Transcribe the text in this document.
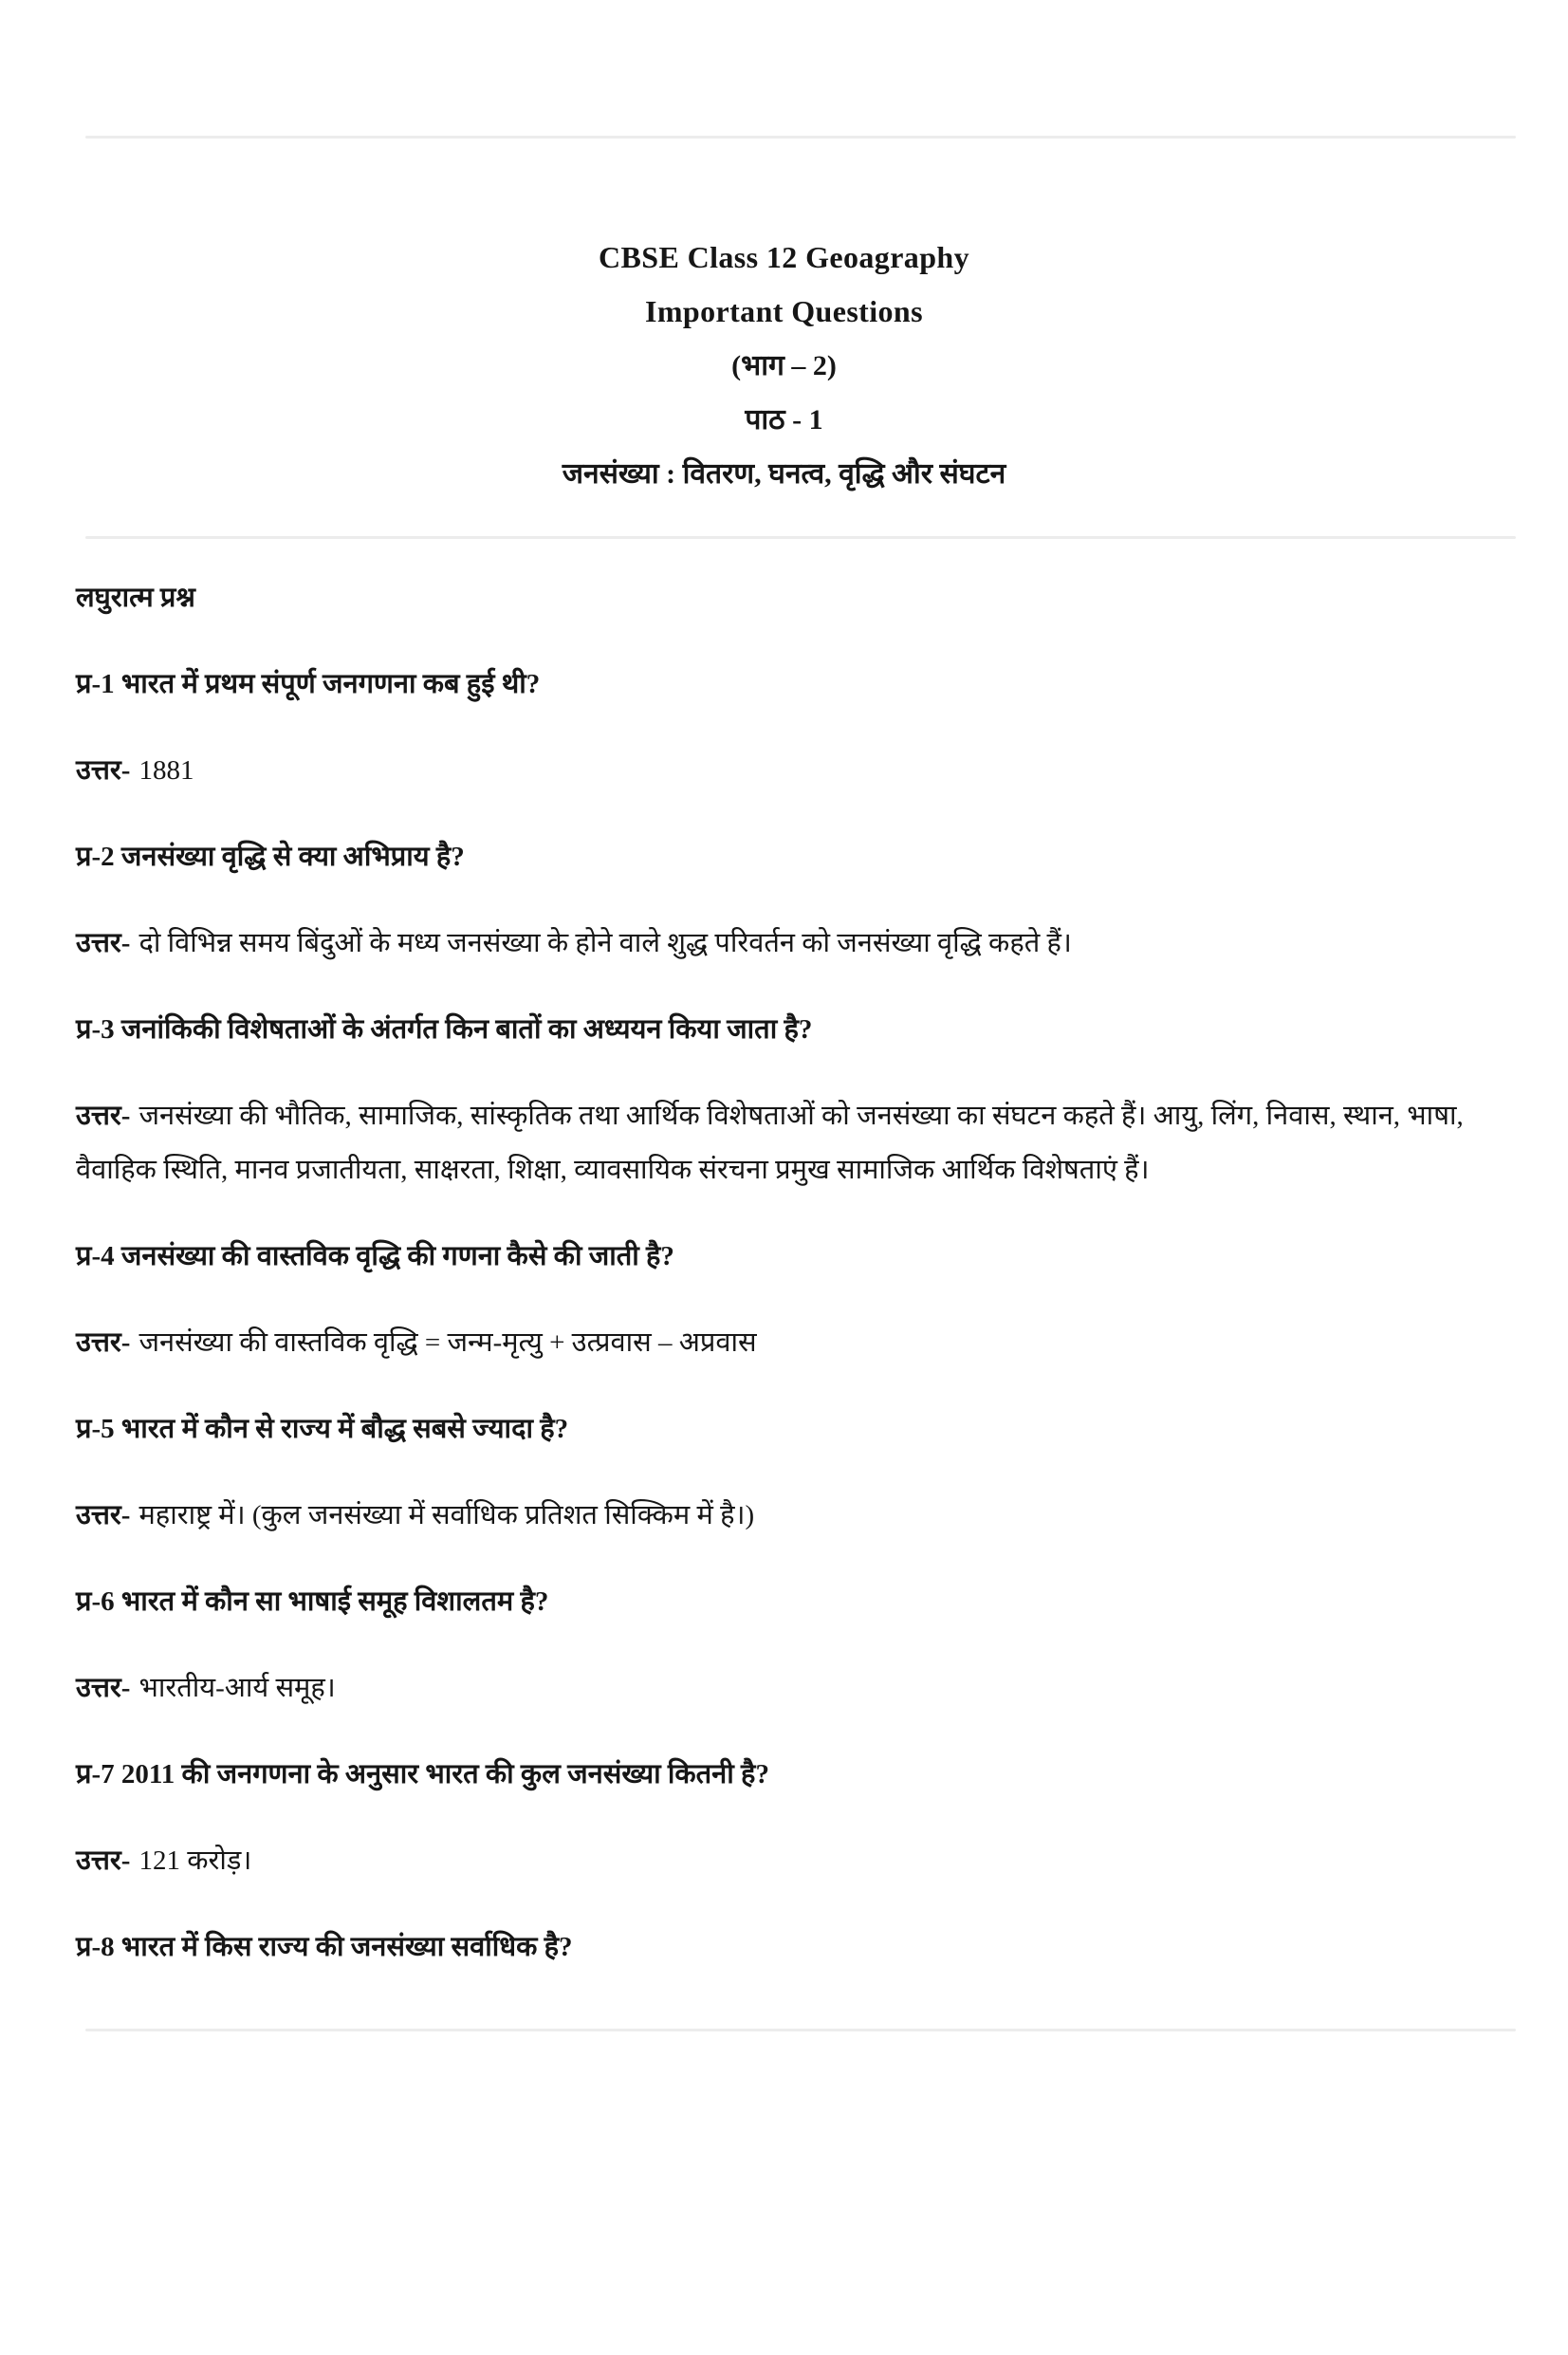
CBSE Class 12 Geoagraphy
Important Questions
(भाग – 2)
पाठ - 1
जनसंख्या : वितरण, घनत्व, वृद्धि और संघटन

लघुरात्म प्रश्न

प्र-1 भारत में प्रथम संपूर्ण जनगणना कब हुई थी?

उत्तर- 1881

प्र-2 जनसंख्या वृद्धि से क्या अभिप्राय है?

उत्तर- दो विभिन्न समय बिंदुओं के मध्य जनसंख्या के होने वाले शुद्ध परिवर्तन को जनसंख्या वृद्धि कहते हैं।

प्र-3 जनांकिकी विशेषताओं के अंतर्गत किन बातों का अध्ययन किया जाता है?

उत्तर- जनसंख्या की भौतिक, सामाजिक, सांस्कृतिक तथा आर्थिक विशेषताओं को जनसंख्या का संघटन कहते हैं। आयु, लिंग, निवास, स्थान, भाषा, वैवाहिक स्थिति, मानव प्रजातीयता, साक्षरता, शिक्षा, व्यावसायिक संरचना प्रमुख सामाजिक आर्थिक विशेषताएं हैं।

प्र-4 जनसंख्या की वास्तविक वृद्धि की गणना कैसे की जाती है?

उत्तर- जनसंख्या की वास्तविक वृद्धि = जन्म-मृत्यु + उत्प्रवास – अप्रवास

प्र-5 भारत में कौन से राज्य में बौद्ध सबसे ज्यादा है?

उत्तर- महाराष्ट्र में। (कुल जनसंख्या में सर्वाधिक प्रतिशत सिक्किम में है।)

प्र-6 भारत में कौन सा भाषाई समूह विशालतम है?

उत्तर- भारतीय-आर्य समूह।

प्र-7 2011 की जनगणना के अनुसार भारत की कुल जनसंख्या कितनी है?

उत्तर- 121 करोड़।

प्र-8 भारत में किस राज्य की जनसंख्या सर्वाधिक है?
